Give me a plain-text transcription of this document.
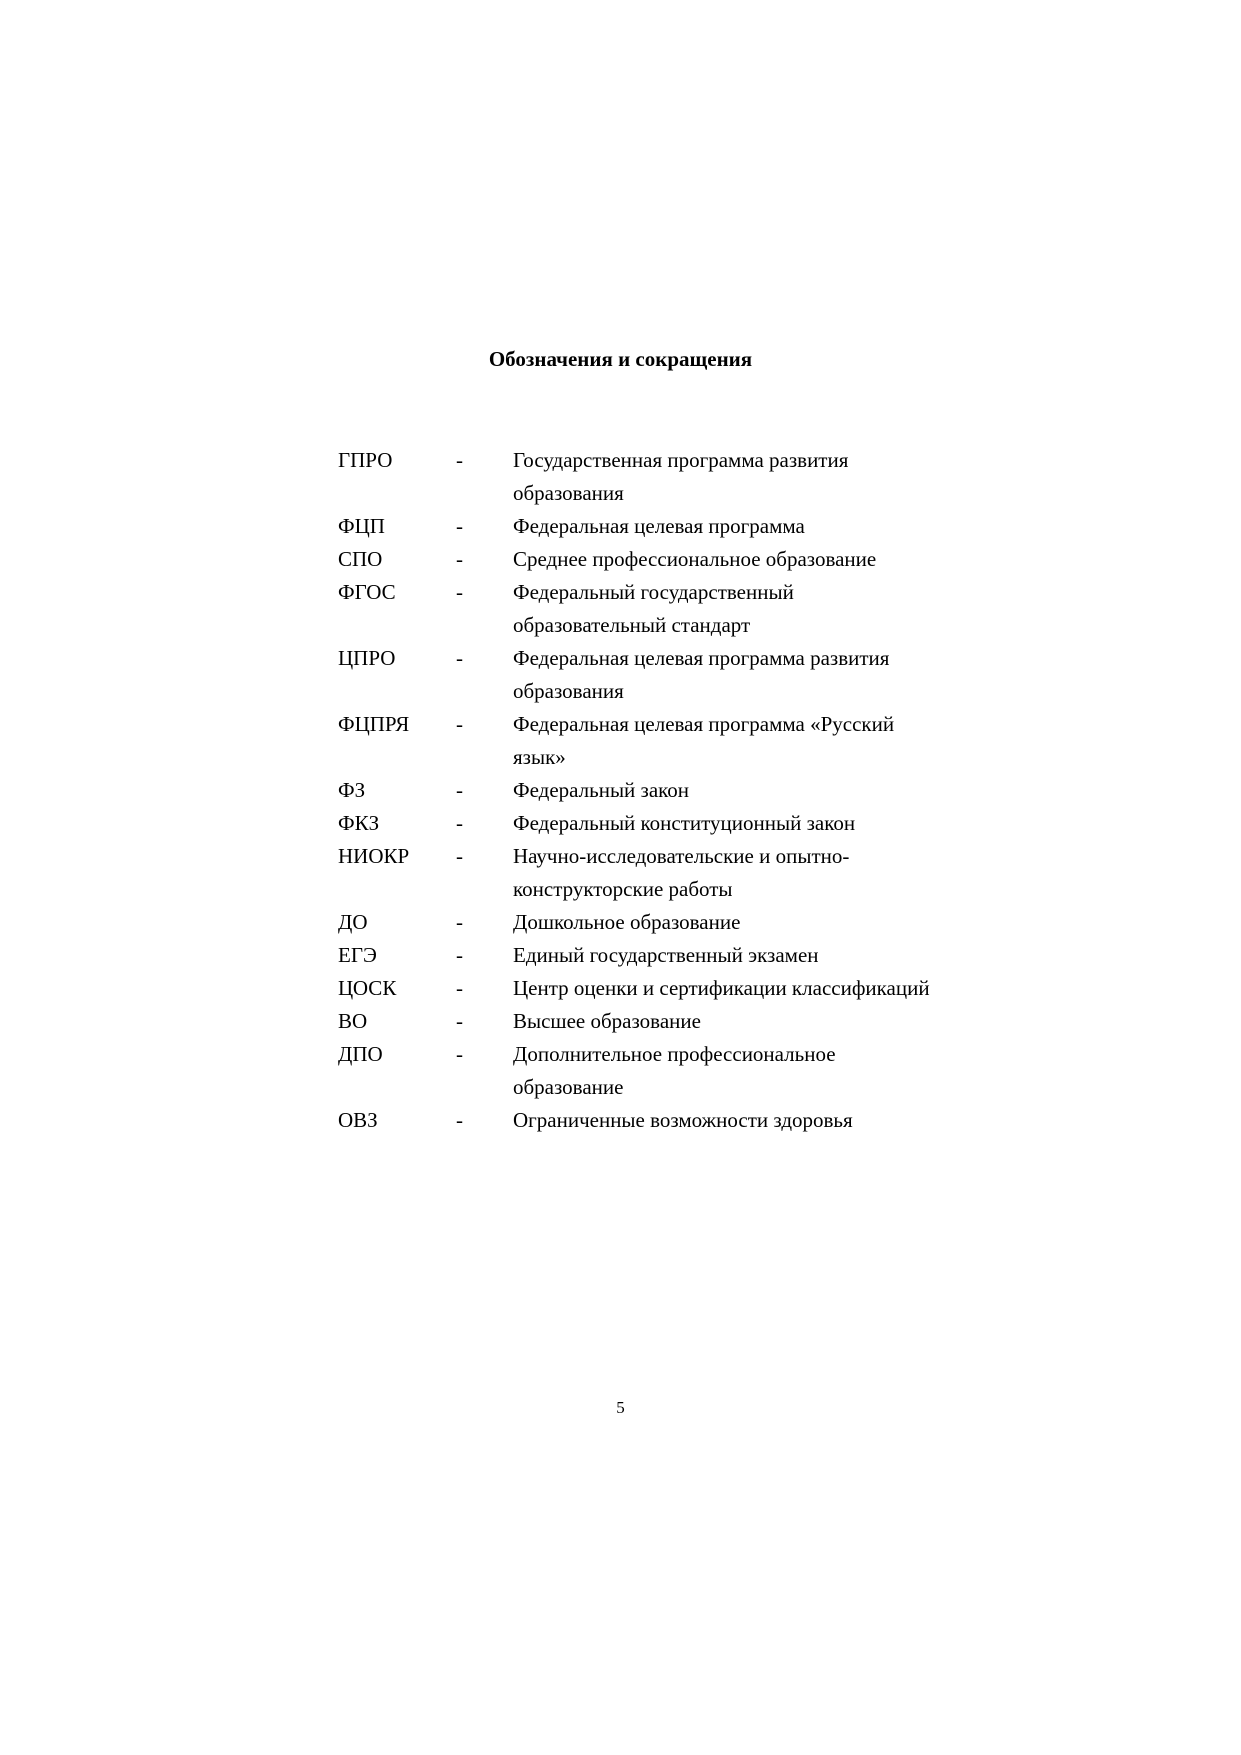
Обозначения и сокращения
ГПРО	-	Государственная программа развития
образования
ФЦП	-	Федеральная целевая программа
СПО	-	Среднее профессиональное образование
ФГОС	-	Федеральный государственный
образовательный стандарт
ЦПРО	-	Федеральная целевая программа развития
образования
ФЦПРЯ	-	Федеральная целевая программа «Русский
язык»
ФЗ	-	Федеральный закон
ФКЗ	-	Федеральный конституционный закон
НИОКР	-	Научно-исследовательские и опытно-
конструкторские работы
ДО	-	Дошкольное образование
ЕГЭ	-	Единый государственный экзамен
ЦОСК	-	Центр оценки и сертификации классификаций
ВО	-	Высшее образование
ДПО	-	Дополнительное профессиональное
образование
ОВЗ	-	Ограниченные возможности здоровья
5
